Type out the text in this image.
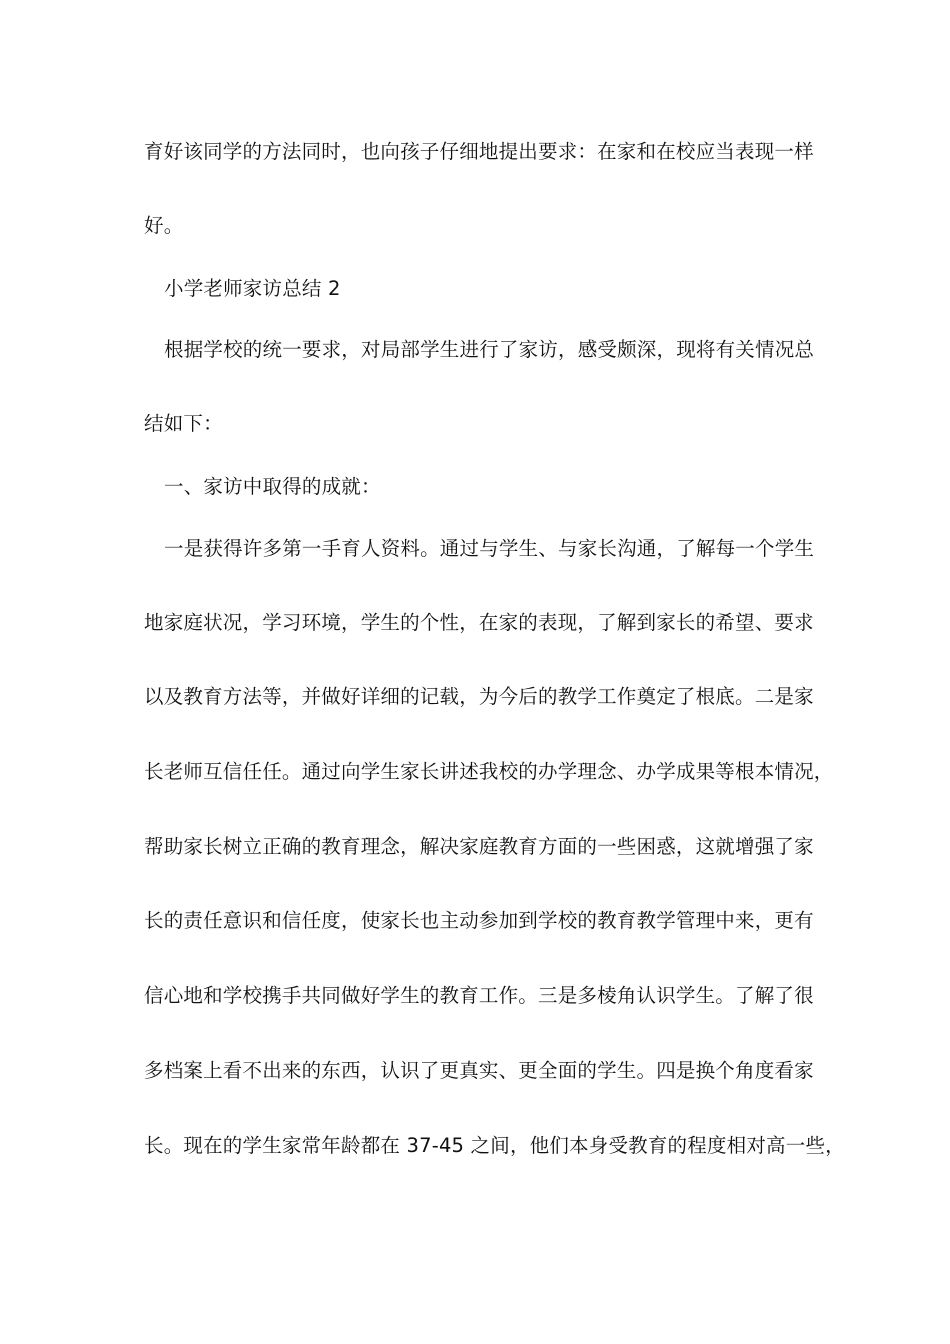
育好该同学的方法同时，也向孩子仔细地提出要求：在家和在校应当表现一样
好。
小学老师家访总结 2
根据学校的统一要求，对局部学生进行了家访，感受颇深，现将有关情况总
结如下：
一、家访中取得的成就：
一是获得许多第一手育人资料。通过与学生、与家长沟通，了解每一个学生
地家庭状况，学习环境，学生的个性，在家的表现，了解到家长的希望、要求
以及教育方法等，并做好详细的记载，为今后的教学工作奠定了根底。二是家
长老师互信任任。通过向学生家长讲述我校的办学理念、办学成果等根本情况，
帮助家长树立正确的教育理念，解决家庭教育方面的一些困惑，这就增强了家
长的责任意识和信任度，使家长也主动参加到学校的教育教学管理中来，更有
信心地和学校携手共同做好学生的教育工作。三是多棱角认识学生。了解了很
多档案上看不出来的东西，认识了更真实、更全面的学生。四是换个角度看家
长。现在的学生家常年龄都在 37-45 之间，他们本身受教育的程度相对高一些，
